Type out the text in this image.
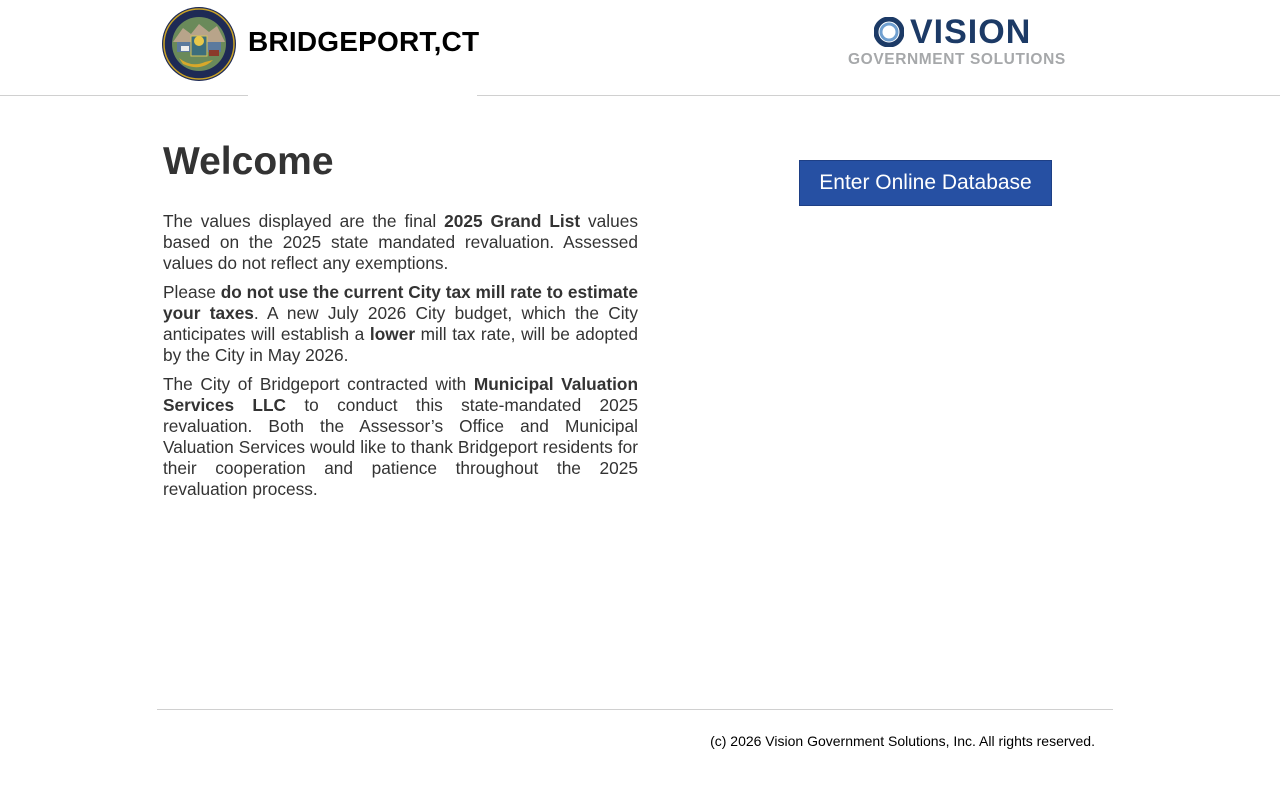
BRIDGEPORT,CT	VISION
GOVERNMENT SOLUTIONS
Welcome

The values displayed are the final 2025 Grand List values based on the 2025 state mandated revaluation. Assessed values do not reflect any exemptions.

Please do not use the current City tax mill rate to estimate your taxes. A new July 2026 City budget, which the City anticipates will establish a lower mill tax rate, will be adopted by the City in May 2026.

The City of Bridgeport contracted with Municipal Valuation Services LLC to conduct this state-mandated 2025 revaluation. Both the Assessor’s Office and Municipal Valuation Services would like to thank Bridgeport residents for their cooperation and patience throughout the 2025 revaluation process.

Enter Online Database
(c) 2026 Vision Government Solutions, Inc. All rights reserved.
